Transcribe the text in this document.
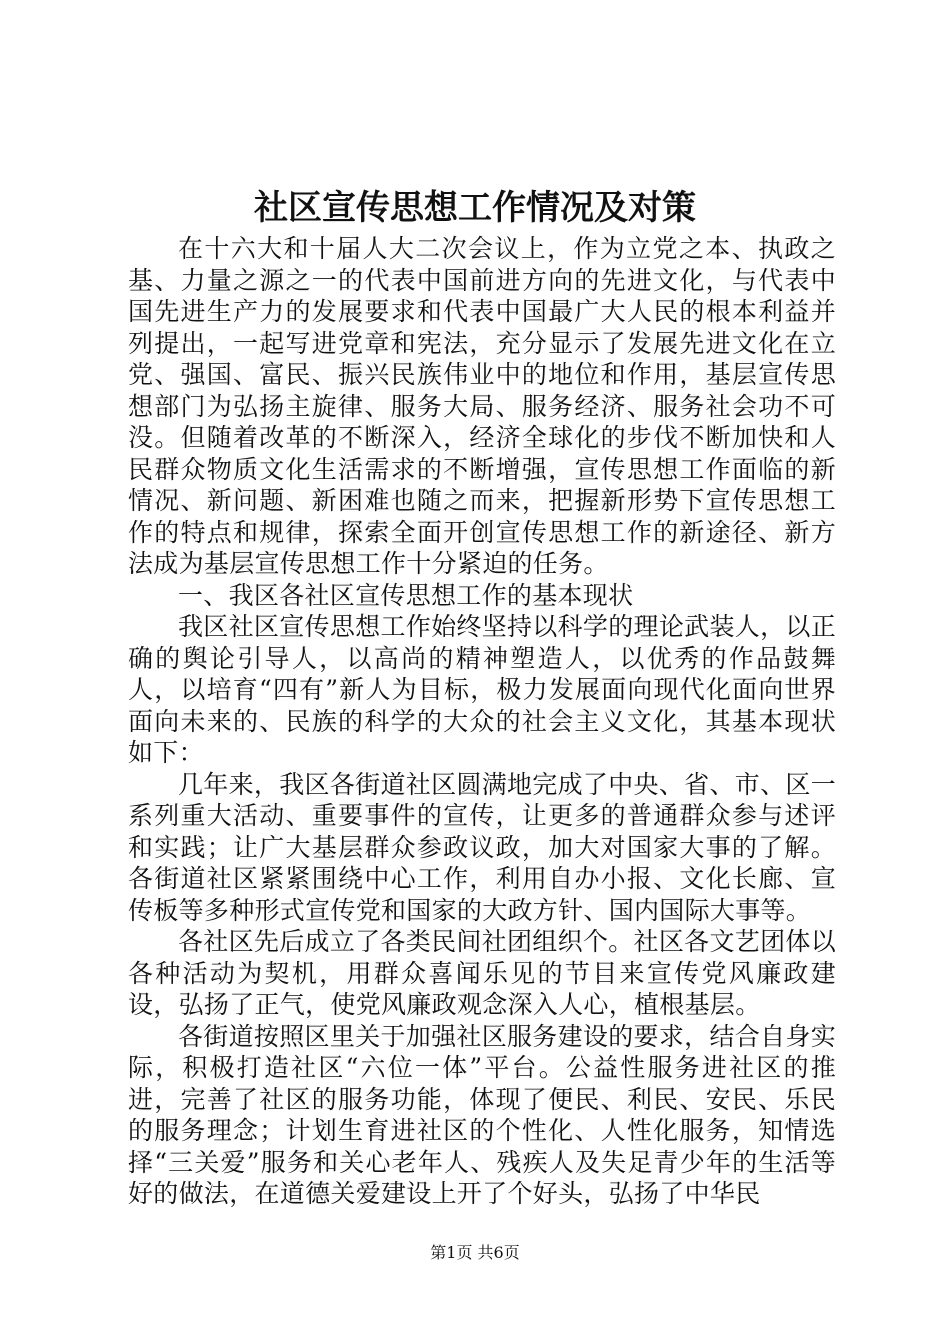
社区宣传思想工作情况及对策

在十六大和十届人大二次会议上，作为立党之本、执政之基、力量之源之一的代表中国前进方向的先进文化，与代表中国先进生产力的发展要求和代表中国最广大人民的根本利益并列提出，一起写进党章和宪法，充分显示了发展先进文化在立党、强国、富民、振兴民族伟业中的地位和作用，基层宣传思想部门为弘扬主旋律、服务大局、服务经济、服务社会功不可没。但随着改革的不断深入，经济全球化的步伐不断加快和人民群众物质文化生活需求的不断增强，宣传思想工作面临的新情况、新问题、新困难也随之而来，把握新形势下宣传思想工作的特点和规律，探索全面开创宣传思想工作的新途径、新方法成为基层宣传思想工作十分紧迫的任务。

一、我区各社区宣传思想工作的基本现状

我区社区宣传思想工作始终坚持以科学的理论武装人，以正确的舆论引导人，以高尚的精神塑造人，以优秀的作品鼓舞人，以培育“四有”新人为目标，极力发展面向现代化面向世界面向未来的、民族的科学的大众的社会主义文化，其基本现状如下：

几年来，我区各街道社区圆满地完成了中央、省、市、区一系列重大活动、重要事件的宣传，让更多的普通群众参与述评和实践；让广大基层群众参政议政，加大对国家大事的了解。各街道社区紧紧围绕中心工作，利用自办小报、文化长廊、宣传板等多种形式宣传党和国家的大政方针、国内国际大事等。

各社区先后成立了各类民间社团组织个。社区各文艺团体以各种活动为契机，用群众喜闻乐见的节目来宣传党风廉政建设，弘扬了正气，使党风廉政观念深入人心，植根基层。

各街道按照区里关于加强社区服务建设的要求，结合自身实际，积极打造社区“六位一体”平台。公益性服务进社区的推进，完善了社区的服务功能，体现了便民、利民、安民、乐民的服务理念；计划生育进社区的个性化、人性化服务，知情选择“三关爱”服务和关心老年人、残疾人及失足青少年的生活等好的做法，在道德关爱建设上开了个好头，弘扬了中华民

第1页 共6页
